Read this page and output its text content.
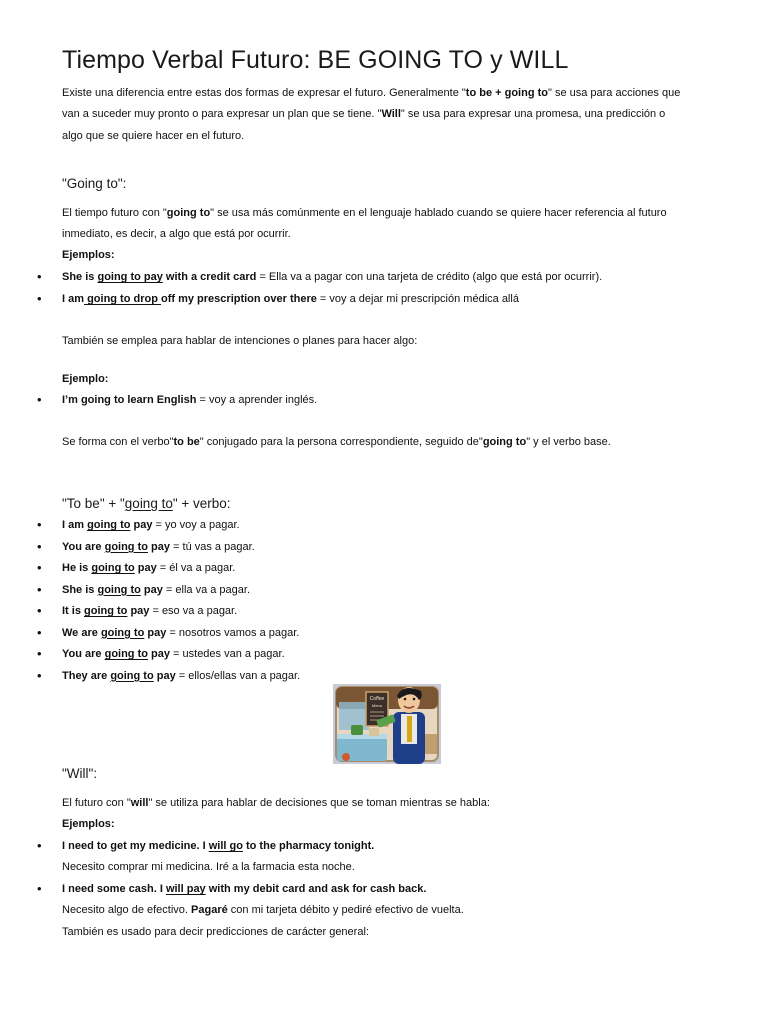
Tiempo Verbal Futuro: BE GOING TO y WILL
Existe una diferencia entre estas dos formas de expresar el futuro. Generalmente "to be + going to" se usa para acciones que
van a suceder muy pronto o para expresar un plan que se tiene. "Will" se usa para expresar una promesa, una predicción o
algo que se quiere hacer en el futuro.
"Going to":
El tiempo futuro con "going to" se usa más comúnmente en el lenguaje hablado cuando se quiere hacer referencia al futuro
inmediato, es decir, a algo que está por ocurrir.
Ejemplos:
• She is going to pay with a credit card = Ella va a pagar con una tarjeta de crédito (algo que está por ocurrir).
• I am going to drop off my prescription over there = voy a dejar mi prescripción médica allá
También se emplea para hablar de intenciones o planes para hacer algo:
Ejemplo:
• I’m going to learn English = voy a aprender inglés.
Se forma con el verbo"to be" conjugado para la persona correspondiente, seguido de"going to" y el verbo base.
"To be" + "going to" + verbo:
• I am going to pay = yo voy a pagar.
• You are going to pay = tú vas a pagar.
• He is going to pay = él va a pagar.
• She is going to pay = ella va a pagar.
• It is going to pay = eso va a pagar.
• We are going to pay = nosotros vamos a pagar.
• You are going to pay = ustedes van a pagar.
• They are going to pay = ellos/ellas van a pagar.
Coffee
Menu
"Will":
El futuro con "will" se utiliza para hablar de decisiones que se toman mientras se habla:
Ejemplos:
• I need to get my medicine. I will go to the pharmacy tonight.
Necesito comprar mi medicina. Iré a la farmacia esta noche.
• I need some cash. I will pay with my debit card and ask for cash back.
Necesito algo de efectivo. Pagaré con mi tarjeta débito y pediré efectivo de vuelta.
También es usado para decir predicciones de carácter general:
